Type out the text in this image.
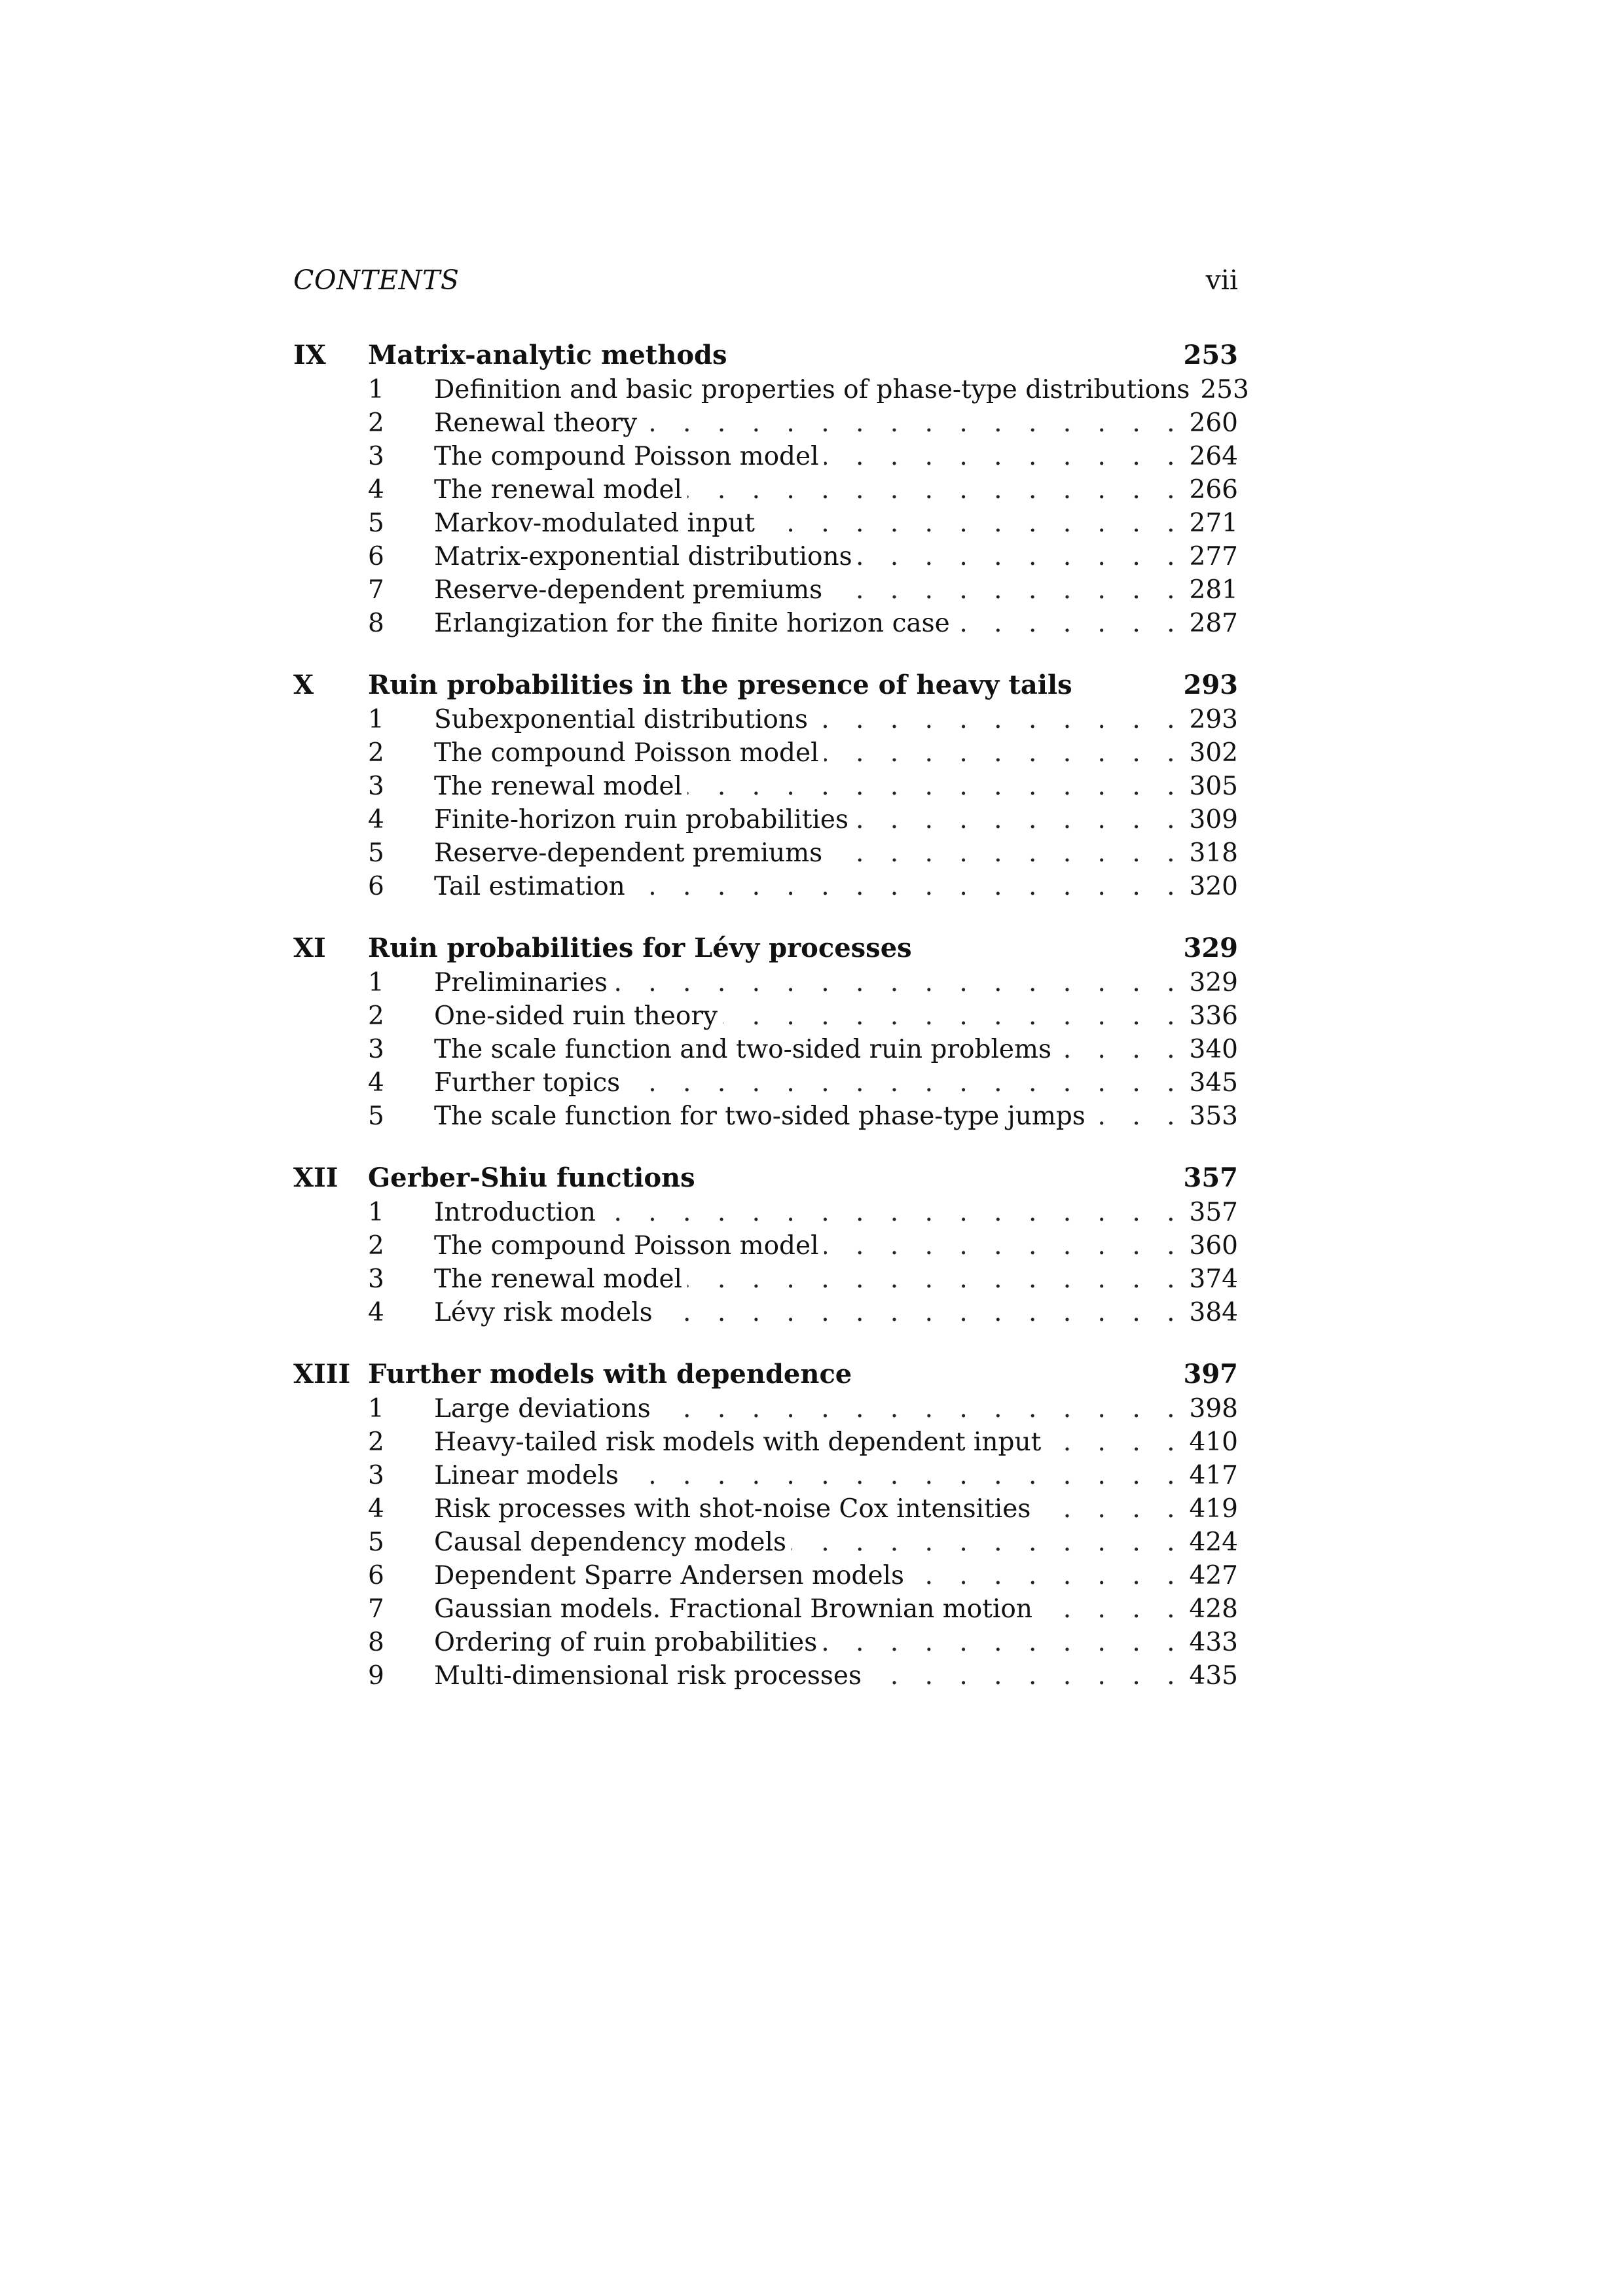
CONTENTS	vii
IX	Matrix-analytic methods	253
1	Definition and basic properties of phase-type distributions 253
2	Renewal theory . . .	260
3	The compound Poisson model . . .	264
4	The renewal model . . .	266
5	Markov-modulated input . . .	271
6	Matrix-exponential distributions . . .	277
7	Reserve-dependent premiums . . .	281
8	Erlangization for the finite horizon case . . .	287
X	Ruin probabilities in the presence of heavy tails	293
1	Subexponential distributions . . .	293
2	The compound Poisson model . . .	302
3	The renewal model . . .	305
4	Finite-horizon ruin probabilities . . .	309
5	Reserve-dependent premiums . . .	318
6	Tail estimation . . .	320
XI	Ruin probabilities for Lévy processes	329
1	Preliminaries . . .	329
2	One-sided ruin theory . . .	336
3	The scale function and two-sided ruin problems . . .	340
4	Further topics . . .	345
5	The scale function for two-sided phase-type jumps . . .	353
XII	Gerber-Shiu functions	357
1	Introduction . . .	357
2	The compound Poisson model . . .	360
3	The renewal model . . .	374
4	Lévy risk models . . .	384
XIII Further models with dependence	397
1	Large deviations . . .	398
2	Heavy-tailed risk models with dependent input . . .	410
3	Linear models . . .	417
4	Risk processes with shot-noise Cox intensities . . .	419
5	Causal dependency models . . .	424
6	Dependent Sparre Andersen models . . .	427
7	Gaussian models. Fractional Brownian motion . . .	428
8	Ordering of ruin probabilities . . .	433
9	Multi-dimensional risk processes . . .	435
